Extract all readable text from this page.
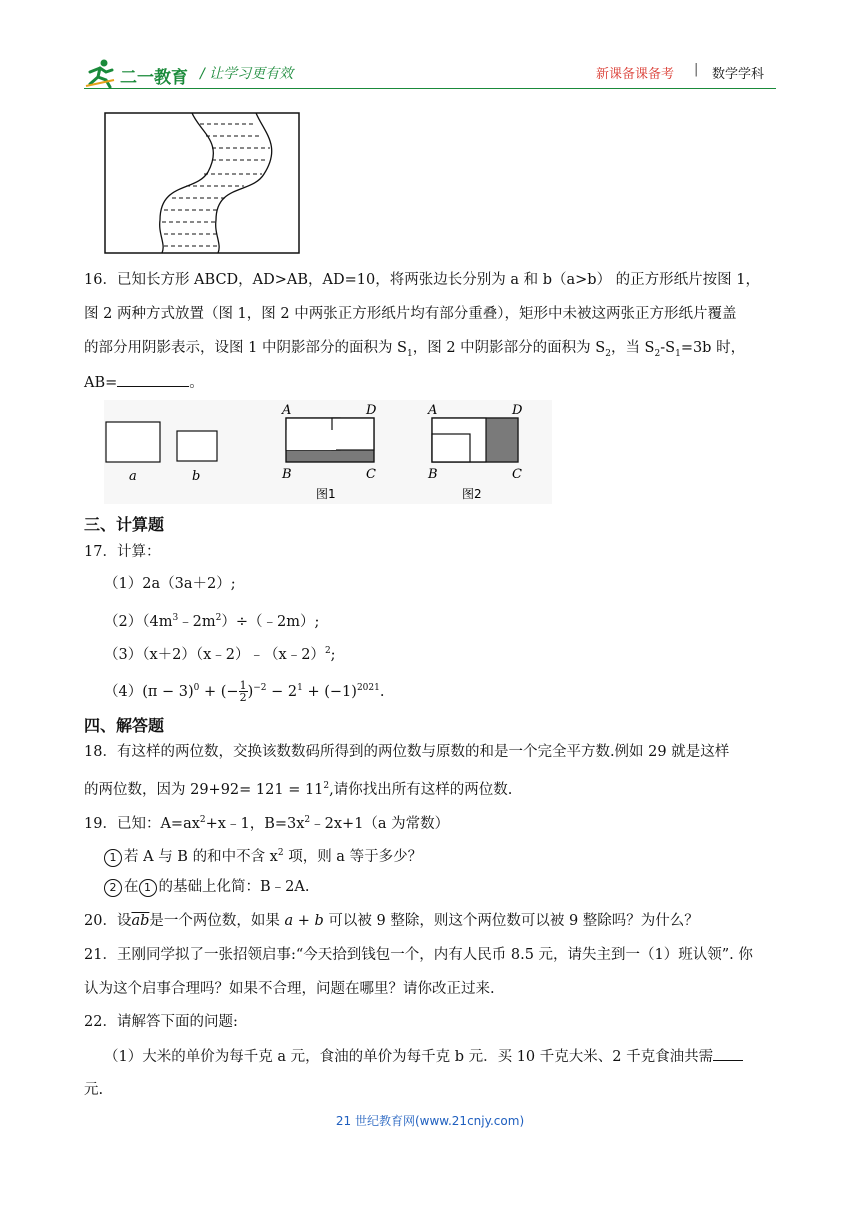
二一教育 / 让学习更有效	新课备课备考 | 数学学科
16．已知长方形 ABCD，AD>AB，AD=10，将两张边长分别为 a 和 b（a>b） 的正方形纸片按图 1，
图 2 两种方式放置（图 1，图 2 中两张正方形纸片均有部分重叠），矩形中未被这两张正方形纸片覆盖
的部分用阴影表示，设图 1 中阴影部分的面积为 $S_1$，图 2 中阴影部分的面积为 $S_2$，当 $S_2-S_1=3b$ 时，
AB=	。
a	b
A	D
B	C
图1
A	D
B	C
图2
三、计算题
17．计算：
（1）2a（3a＋2）;
$(2)(4m^3﹣2m^2)\div(﹣2m)$;
（3）（x＋2）（x﹣2）﹣（x﹣2）$^2$;
$(4)(\pi - 3)^0$ + (− $\frac{1}{2} )^{-2} - 2^1 + (-1)^{2021}$.
四、解答题
18．有这样的两位数，交换该数数码所得到的两位数与原数的和是一个完全平方数.例如 29 就是这样
的两位数，因为 $29+92= 121 = 11^2$,请你找出所有这样的两位数.
19．已知：$A=ax^2+x﹣1$，$B=3x^2﹣2x+1(a$ 为常数）
1 若 A 与 B 的和中不含 $x^2$ 项，则 a 等于多少？
2 在 1 的基础上化简：B﹣2A.
20．设$\overline{ab}$是一个两位数，如果 a + b 可以被 9 整除，则这个两位数可以被 9 整除吗？为什么？
21．王刚同学拟了一张招领启事:“今天拾到钱包一个，内有人民币 8.5 元，请失主到一（1）班认领”. 你
认为这个启事合理吗？如果不合理，问题在哪里？请你改正过来.
22．请解答下面的问题:
（1）大米的单价为每千克 a 元，食油的单价为每千克 b 元．买 10 千克大米、2 千克食油共需
元.
21 世纪教育网(www.21cnjy.com)
